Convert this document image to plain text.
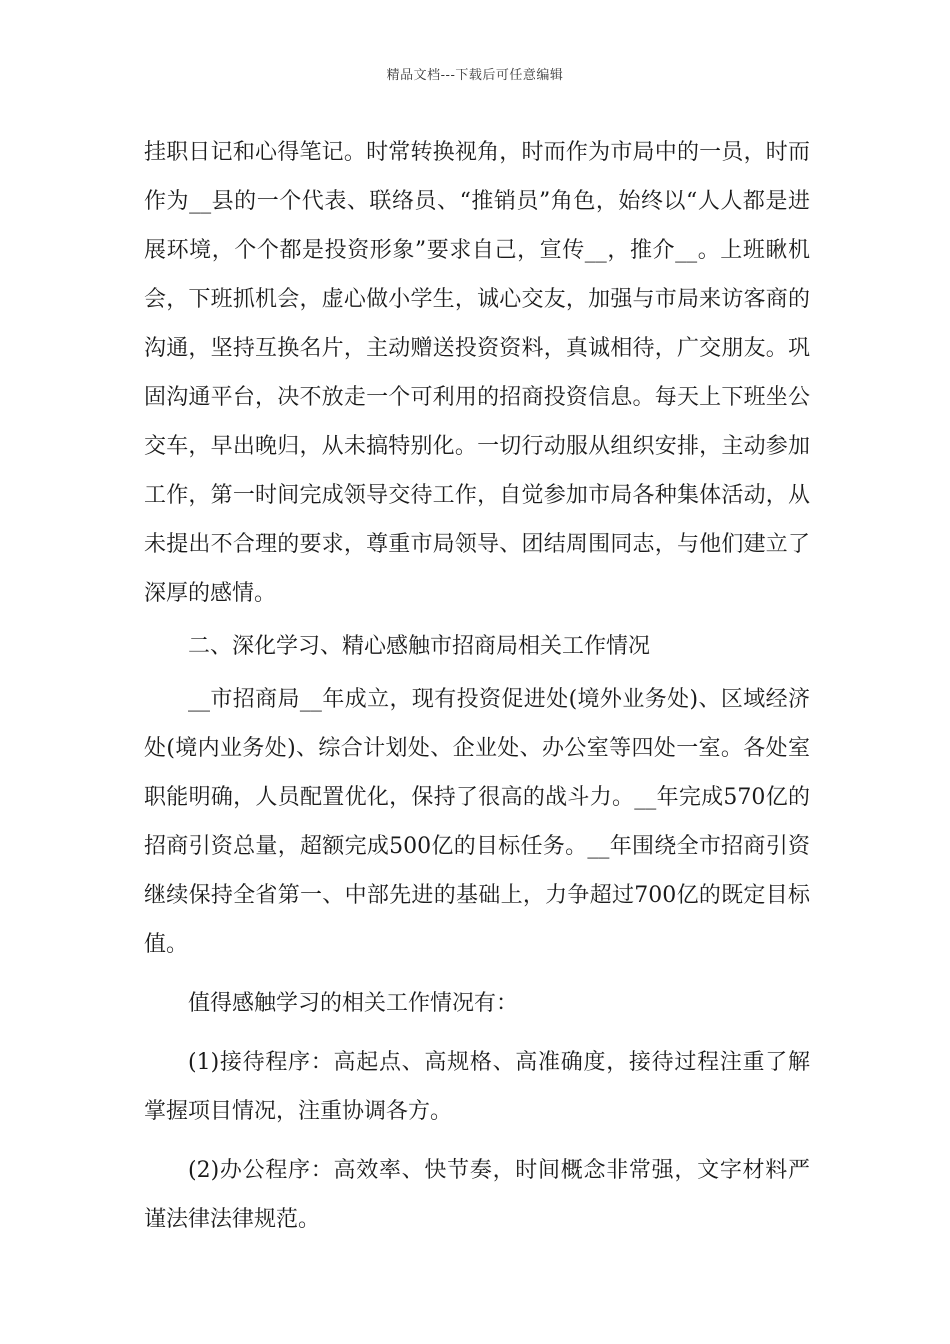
精品文档---下载后可任意编辑

挂职日记和心得笔记。时常转换视角，时而作为市局中的一员，时而作为__县的一个代表、联络员、“推销员”角色，始终以“人人都是进展环境，个个都是投资形象”要求自己，宣传__，推介__。上班瞅机会，下班抓机会，虚心做小学生，诚心交友，加强与市局来访客商的沟通，坚持互换名片，主动赠送投资资料，真诚相待，广交朋友。巩固沟通平台，决不放走一个可利用的招商投资信息。每天上下班坐公交车，早出晚归，从未搞特别化。一切行动服从组织安排，主动参加工作，第一时间完成领导交待工作，自觉参加市局各种集体活动，从未提出不合理的要求，尊重市局领导、团结周围同志，与他们建立了深厚的感情。

二、深化学习、精心感触市招商局相关工作情况

__市招商局__年成立，现有投资促进处(境外业务处)、区域经济处(境内业务处)、综合计划处、企业处、办公室等四处一室。各处室职能明确，人员配置优化，保持了很高的战斗力。__年完成570亿的招商引资总量，超额完成500亿的目标任务。__年围绕全市招商引资继续保持全省第一、中部先进的基础上，力争超过700亿的既定目标值。

值得感触学习的相关工作情况有：

(1)接待程序：高起点、高规格、高准确度，接待过程注重了解掌握项目情况，注重协调各方。

(2)办公程序：高效率、快节奏，时间概念非常强，文字材料严谨法律法律规范。
